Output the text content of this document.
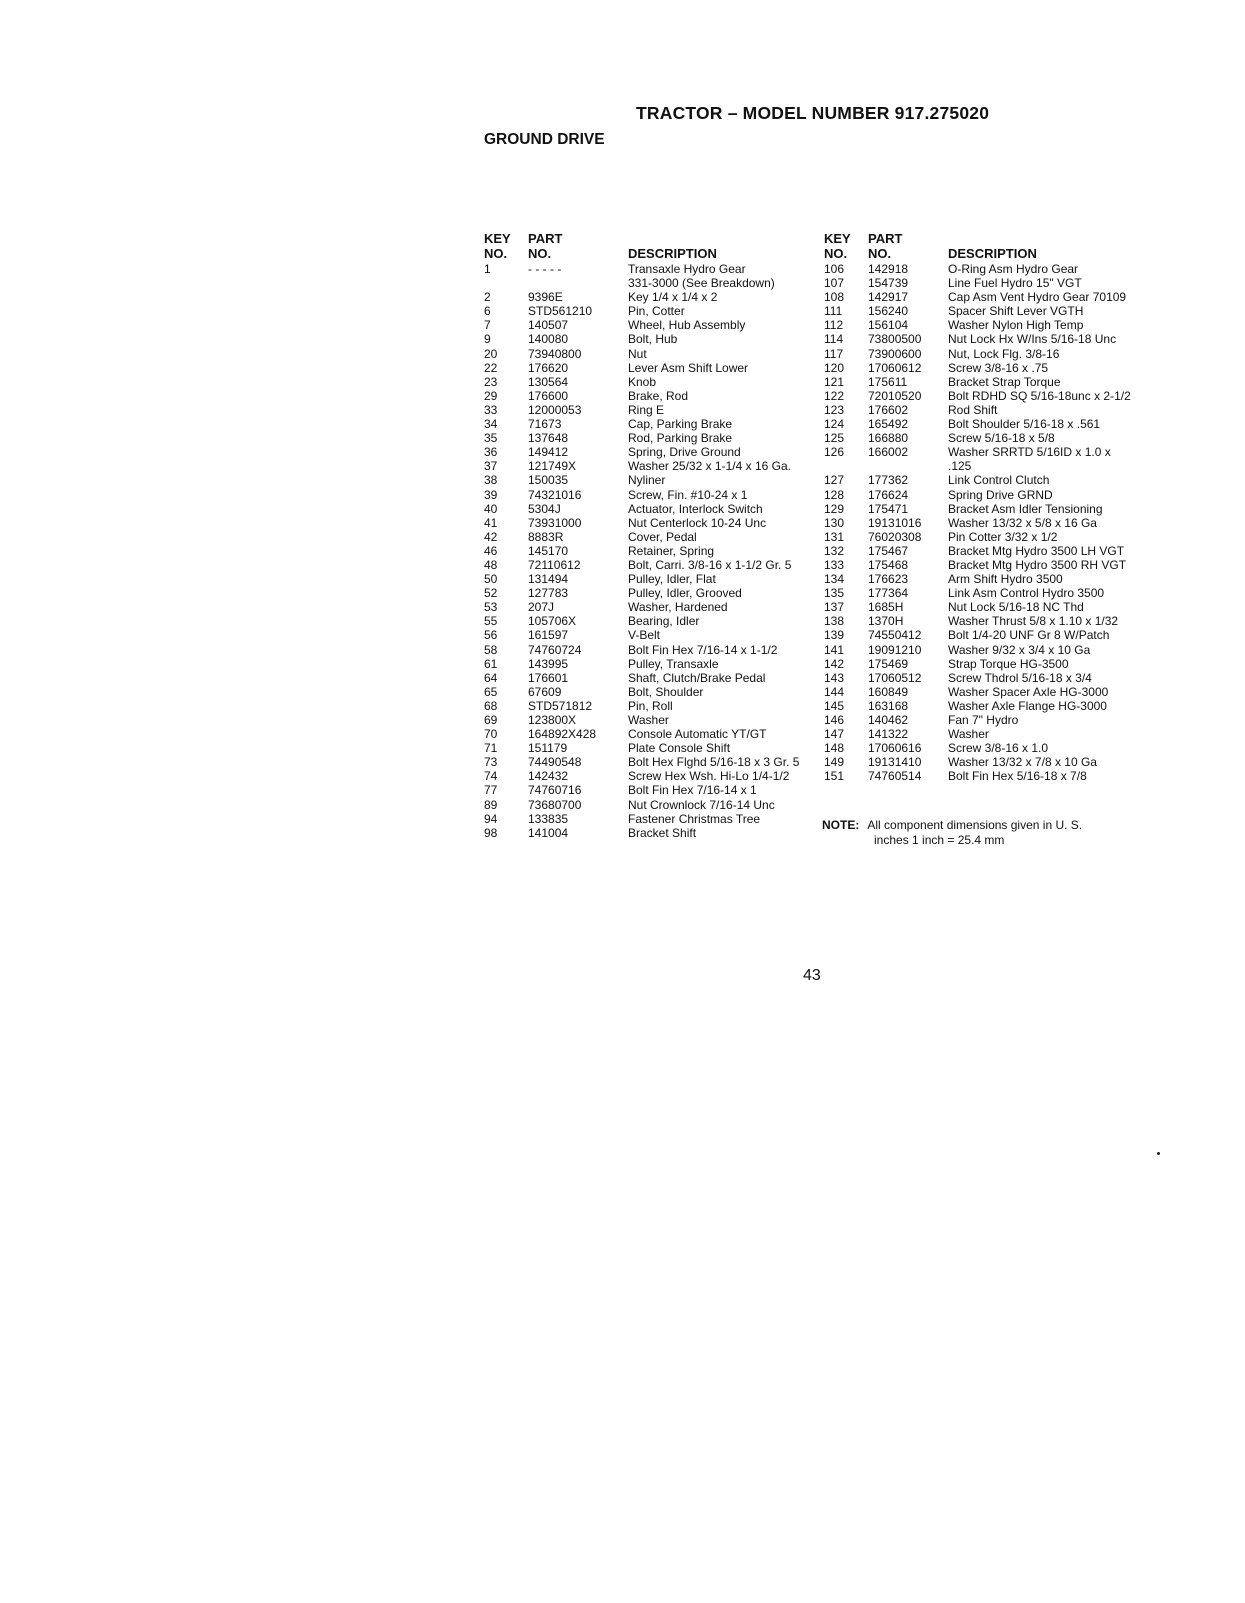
TRACTOR – MODEL NUMBER 917.275020
GROUND DRIVE
KEY	PART
NO.	NO.	DESCRIPTION
1	- - - - -	Transaxle Hydro Gear
331-3000 (See Breakdown)
2	9396E	Key 1/4 x 1/4 x 2
6	STD561210	Pin, Cotter
7	140507	Wheel, Hub Assembly
9	140080	Bolt, Hub
20	73940800	Nut
22	176620	Lever Asm Shift Lower
23	130564	Knob
29	176600	Brake, Rod
33	12000053	Ring E
34	71673	Cap, Parking Brake
35	137648	Rod, Parking Brake
36	149412	Spring, Drive Ground
37	121749X	Washer 25/32 x 1-1/4 x 16 Ga.
38	150035	Nyliner
39	74321016	Screw, Fin. #10-24 x 1
40	5304J	Actuator, Interlock Switch
41	73931000	Nut Centerlock 10-24 Unc
42	8883R	Cover, Pedal
46	145170	Retainer, Spring
48	72110612	Bolt, Carri. 3/8-16 x 1-1/2 Gr. 5
50	131494	Pulley, Idler, Flat
52	127783	Pulley, Idler, Grooved
53	207J	Washer, Hardened
55	105706X	Bearing, Idler
56	161597	V-Belt
58	74760724	Bolt Fin Hex 7/16-14 x 1-1/2
61	143995	Pulley, Transaxle
64	176601	Shaft, Clutch/Brake Pedal
65	67609	Bolt, Shoulder
68	STD571812	Pin, Roll
69	123800X	Washer
70	164892X428	Console Automatic YT/GT
71	151179	Plate Console Shift
73	74490548	Bolt Hex Flghd 5/16-18 x 3 Gr. 5
74	142432	Screw Hex Wsh. Hi-Lo 1/4-1/2
77	74760716	Bolt Fin Hex 7/16-14 x 1
89	73680700	Nut Crownlock 7/16-14 Unc
94	133835	Fastener Christmas Tree
98	141004	Bracket Shift
KEY	PART
NO.	NO.	DESCRIPTION
106	142918	O-Ring Asm Hydro Gear
107	154739	Line Fuel Hydro 15" VGT
108	142917	Cap Asm Vent Hydro Gear 70109
111	156240	Spacer Shift Lever VGTH
112	156104	Washer Nylon High Temp
114	73800500	Nut Lock Hx W/Ins 5/16-18 Unc
117	73900600	Nut, Lock Flg. 3/8-16
120	17060612	Screw 3/8-16 x .75
121	175611	Bracket Strap Torque
122	72010520	Bolt RDHD SQ 5/16-18unc x 2-1/2
123	176602	Rod Shift
124	165492	Bolt Shoulder 5/16-18 x .561
125	166880	Screw 5/16-18 x 5/8
126	166002	Washer SRRTD 5/16ID x 1.0 x
.125
127	177362	Link Control Clutch
128	176624	Spring Drive GRND
129	175471	Bracket Asm Idler Tensioning
130	19131016	Washer 13/32 x 5/8 x 16 Ga
131	76020308	Pin Cotter 3/32 x 1/2
132	175467	Bracket Mtg Hydro 3500 LH VGT
133	175468	Bracket Mtg Hydro 3500 RH VGT
134	176623	Arm Shift Hydro 3500
135	177364	Link Asm Control Hydro 3500
137	1685H	Nut Lock 5/16-18 NC Thd
138	1370H	Washer Thrust 5/8 x 1.10 x 1/32
139	74550412	Bolt 1/4-20 UNF Gr 8 W/Patch
141	19091210	Washer 9/32 x 3/4 x 10 Ga
142	175469	Strap Torque HG-3500
143	17060512	Screw Thdrol 5/16-18 x 3/4
144	160849	Washer Spacer Axle HG-3000
145	163168	Washer Axle Flange HG-3000
146	140462	Fan 7" Hydro
147	141322	Washer
148	17060616	Screw 3/8-16 x 1.0
149	19131410	Washer 13/32 x 7/8 x 10 Ga
151	74760514	Bolt Fin Hex 5/16-18 x 7/8
NOTE: All component dimensions given in U. S.
inches 1 inch = 25.4 mm
43
